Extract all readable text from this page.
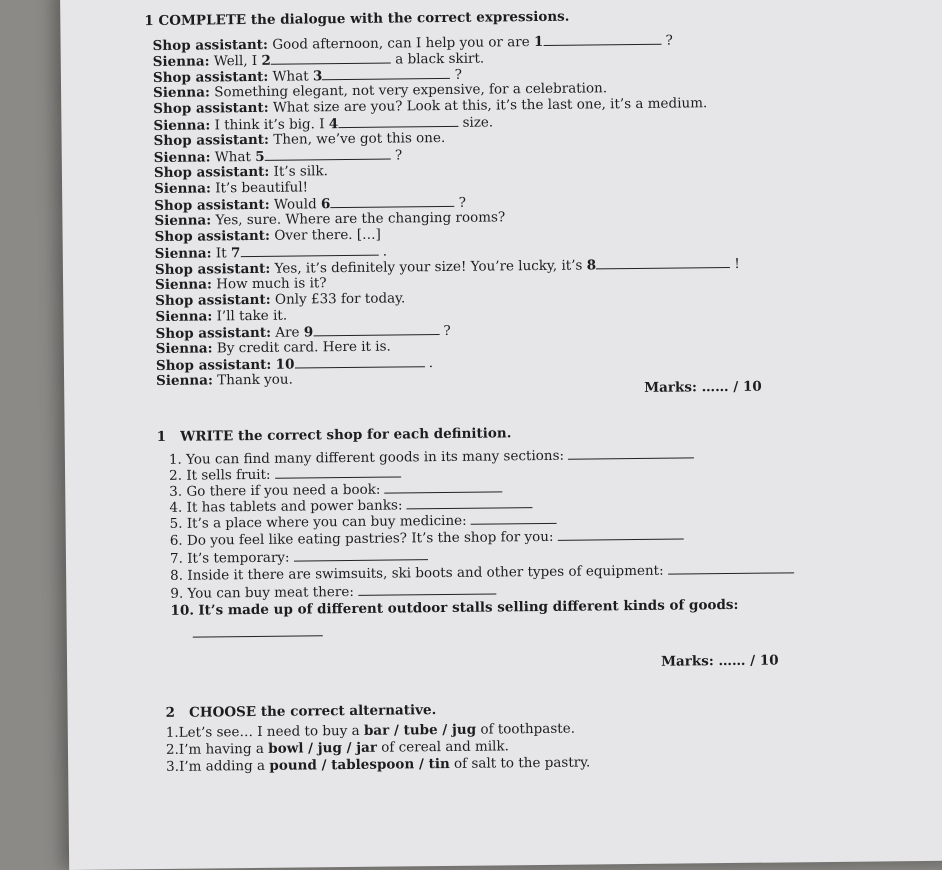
1 COMPLETE the dialogue with the correct expressions.
Shop assistant: Good afternoon, can I help you or are 1	?
Sienna: Well, I 2	a black skirt.
Shop assistant: What 3	?
Sienna: Something elegant, not very expensive, for a celebration.
Shop assistant: What size are you? Look at this, it’s the last one, it’s a medium.
Sienna: I think it’s big. I 4	size.
Shop assistant: Then, we’ve got this one.
Sienna: What 5	?
Shop assistant: It’s silk.
Sienna: It’s beautiful!
Shop assistant: Would 6	?
Sienna: Yes, sure. Where are the changing rooms?
Shop assistant: Over there. […]
Sienna: It 7	.
Shop assistant: Yes, it’s definitely your size! You’re lucky, it’s 8	!
Sienna: How much is it?
Shop assistant: Only £33 for today.
Sienna: I’ll take it.
Shop assistant: Are 9	?
Sienna: By credit card. Here it is.
Shop assistant: 10	.
Sienna: Thank you.	Marks: …… / 10
1 WRITE the correct shop for each definition.
1. You can find many different goods in its many sections:
2. It sells fruit:
3. Go there if you need a book:
4. It has tablets and power banks:
5. It’s a place where you can buy medicine:
6. Do you feel like eating pastries? It’s the shop for you:
7. It’s temporary:
8. Inside it there are swimsuits, ski boots and other types of equipment:
9. You can buy meat there:
10. It’s made up of different outdoor stalls selling different kinds of goods:
Marks: …… / 10
2 CHOOSE the correct alternative.
1.Let’s see… I need to buy a bar / tube / jug of toothpaste.
2.I’m having a bowl / jug / jar of cereal and milk.
3.I’m adding a pound / tablespoon / tin of salt to the pastry.
